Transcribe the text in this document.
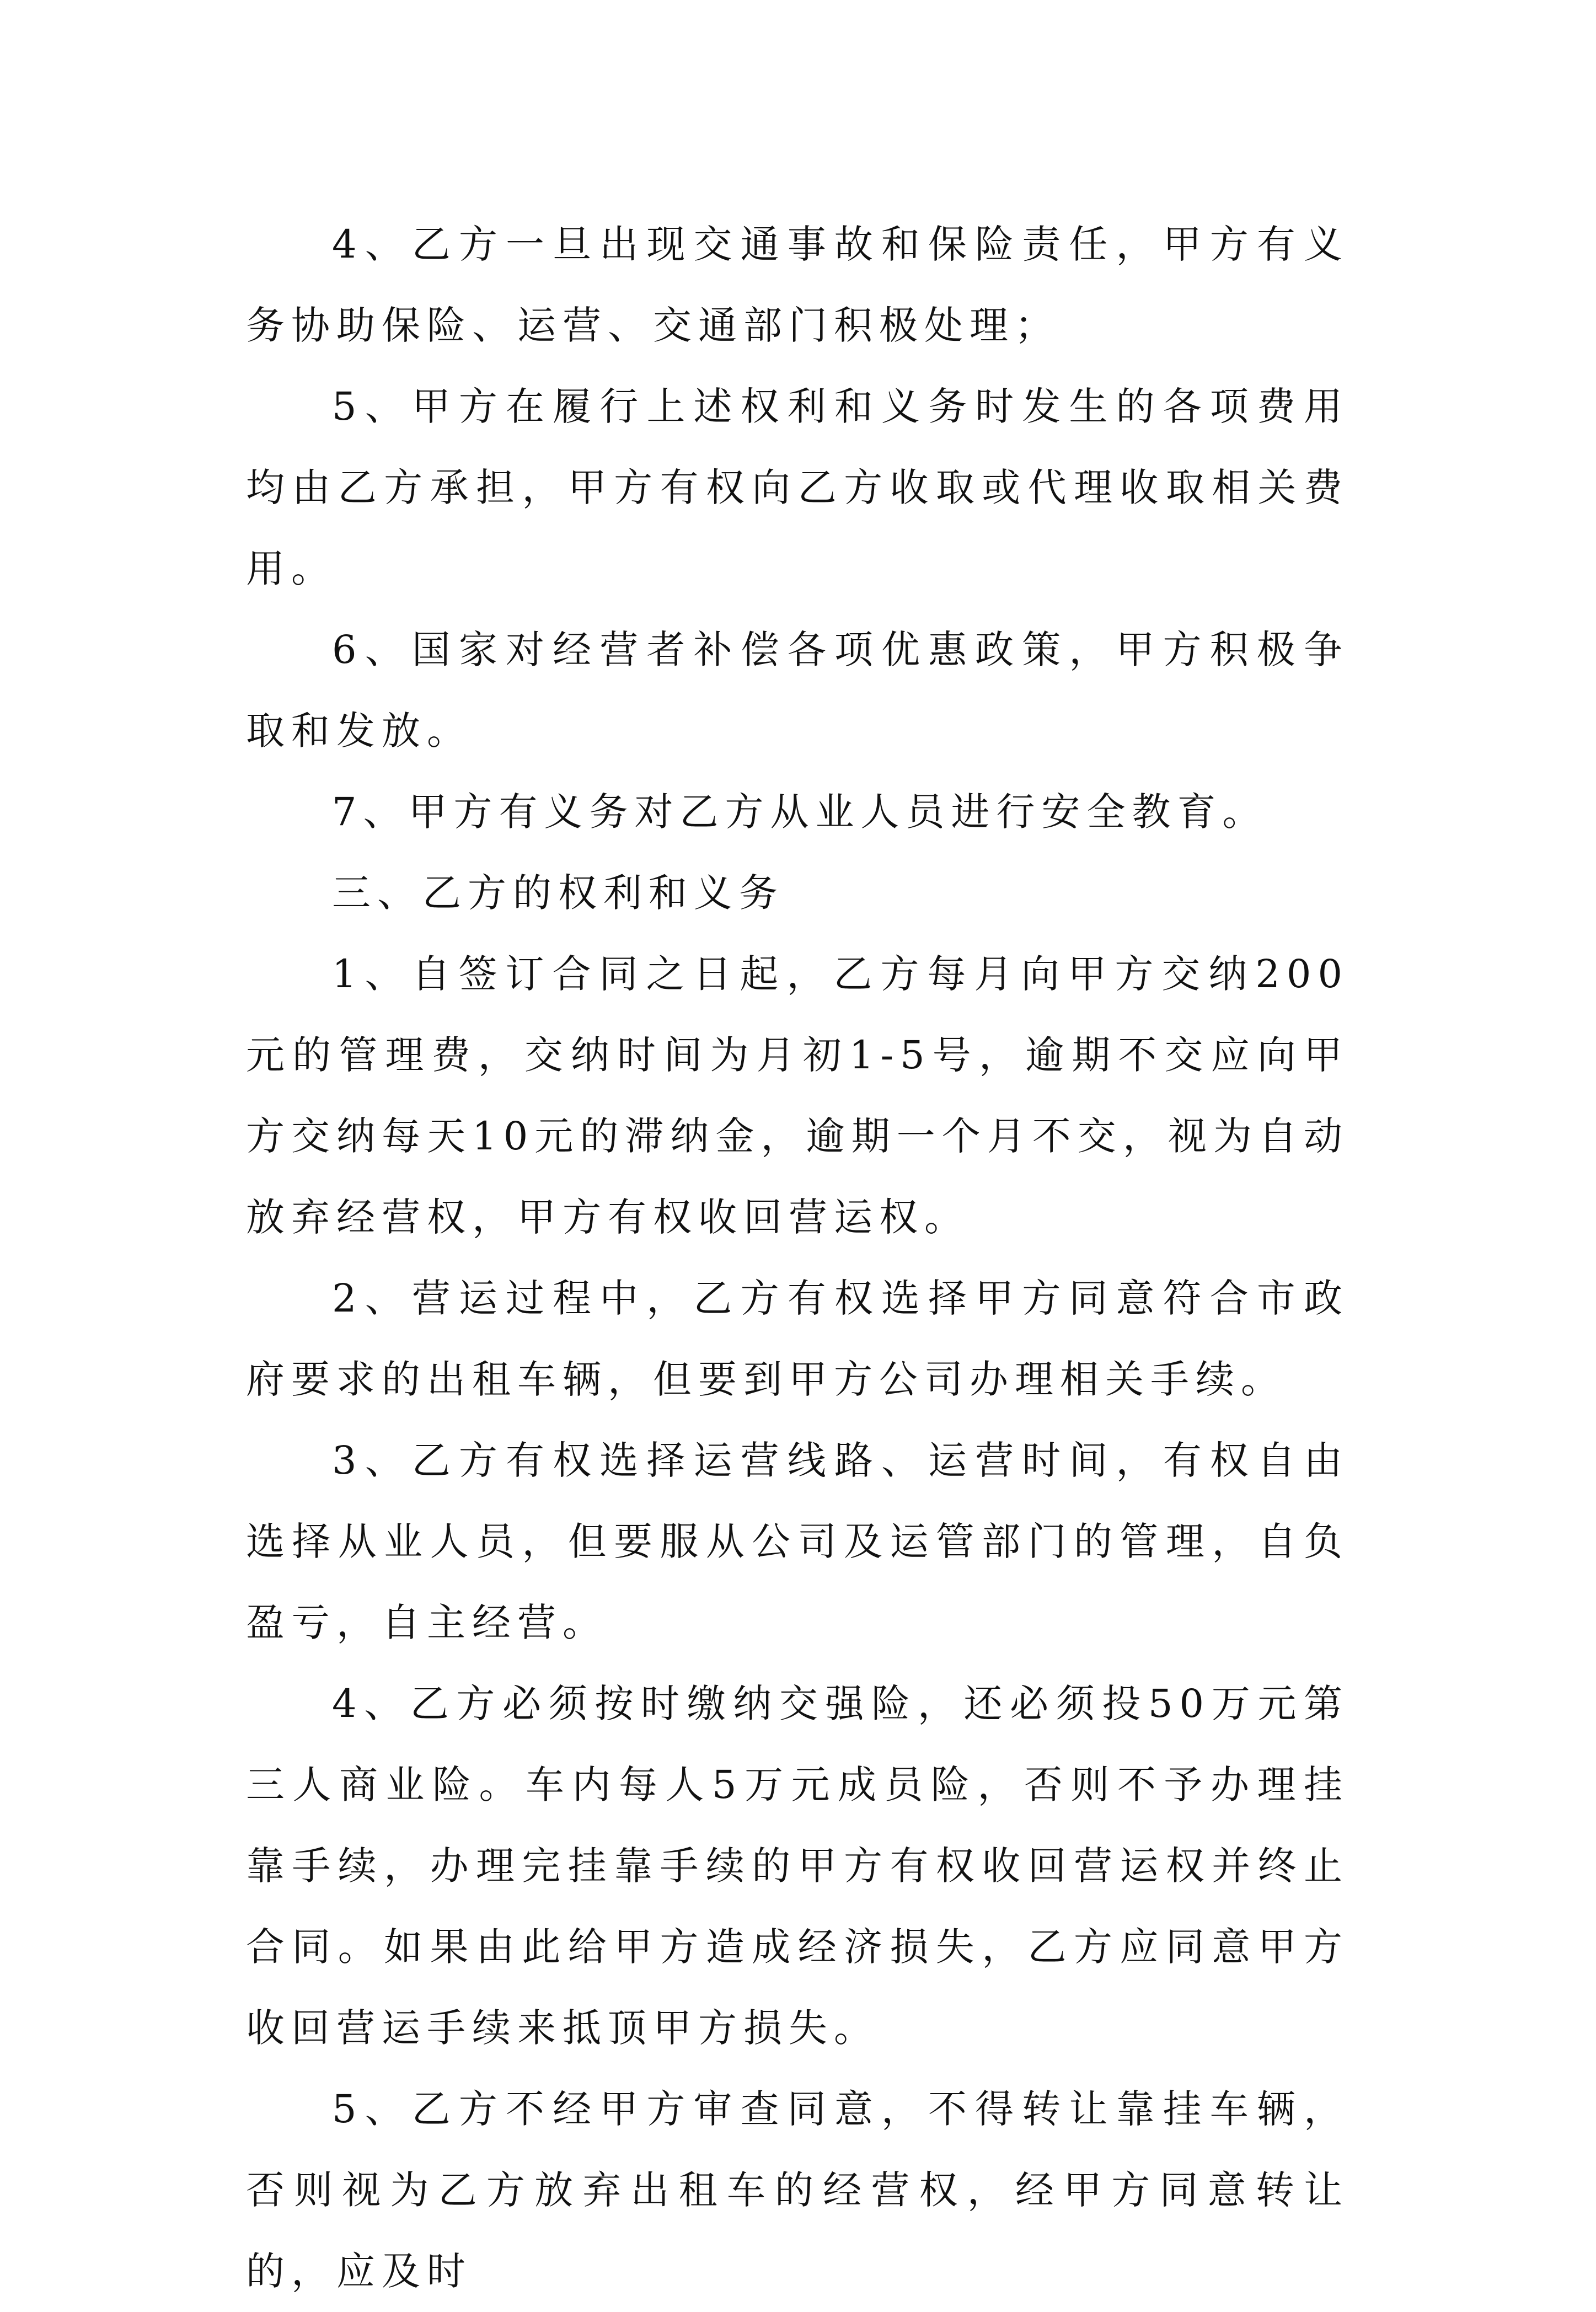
4、乙方一旦出现交通事故和保险责任，甲方有义务协助保险、运营、交通部门积极处理；

5、甲方在履行上述权利和义务时发生的各项费用均由乙方承担，甲方有权向乙方收取或代理收取相关费用。

6、国家对经营者补偿各项优惠政策，甲方积极争取和发放。

7、甲方有义务对乙方从业人员进行安全教育。

三、乙方的权利和义务

1、自签订合同之日起，乙方每月向甲方交纳200元的管理费，交纳时间为月初1-5号，逾期不交应向甲方交纳每天10元的滞纳金，逾期一个月不交，视为自动放弃经营权，甲方有权收回营运权。

2、营运过程中，乙方有权选择甲方同意符合市政府要求的出租车辆，但要到甲方公司办理相关手续。

3、乙方有权选择运营线路、运营时间，有权自由选择从业人员，但要服从公司及运管部门的管理，自负盈亏，自主经营。

4、乙方必须按时缴纳交强险，还必须投50万元第三人商业险。车内每人5万元成员险，否则不予办理挂靠手续，办理完挂靠手续的甲方有权收回营运权并终止合同。如果由此给甲方造成经济损失，乙方应同意甲方收回营运手续来抵顶甲方损失。

5、乙方不经甲方审查同意，不得转让靠挂车辆，否则视为乙方放弃出租车的经营权，经甲方同意转让的，应及时
